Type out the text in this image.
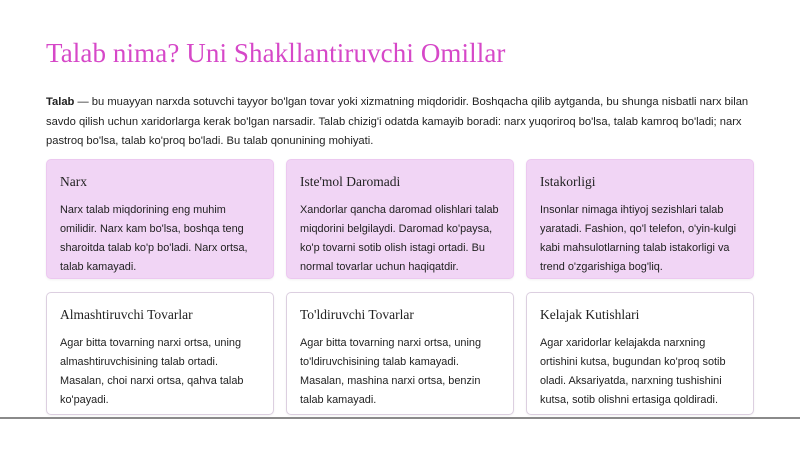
Talab nima? Uni Shakllantiruvchi Omillar

Talab — bu muayyan narxda sotuvchi tayyor bo'lgan tovar yoki xizmatning miqdoridir. Boshqacha qilib aytganda, bu shunga nisbatli narx bilan savdo qilish uchun xaridorlarga kerak bo'lgan narsadir. Talab chizig'i odatda kamayib boradi: narx yuqoriroq bo'lsa, talab kamroq bo'ladi; narx pastroq bo'lsa, talab ko'proq bo'ladi. Bu talab qonunining mohiyati.

Narx

Narx talab miqdorining eng muhim omilidir. Narx kam bo'lsa, boshqa teng sharoitda talab ko'p bo'ladi. Narx ortsa, talab kamayadi.

Iste'mol Daromadi

Xandorlar qancha daromad olishlari talab miqdorini belgilaydi. Daromad ko'paysa, ko'p tovarni sotib olish istagi ortadi. Bu normal tovarlar uchun haqiqatdir.

Istakorligi

Insonlar nimaga ihtiyoj sezishlari talab yaratadi. Fashion, qo'l telefon, o'yin-kulgi kabi mahsulotlarning talab istakorligi va trend o'zgarishiga bog'liq.

Almashtiruvchi Tovarlar

Agar bitta tovarning narxi ortsa, uning almashtiruvchisining talab ortadi. Masalan, choi narxi ortsa, qahva talab ko'payadi.

To'ldiruvchi Tovarlar

Agar bitta tovarning narxi ortsa, uning to'ldiruvchisining talab kamayadi. Masalan, mashina narxi ortsa, benzin talab kamayadi.

Kelajak Kutishlari

Agar xaridorlar kelajakda narxning ortishini kutsa, bugundan ko'proq sotib oladi. Aksariyatda, narxning tushishini kutsa, sotib olishni ertasiga qoldiradi.
